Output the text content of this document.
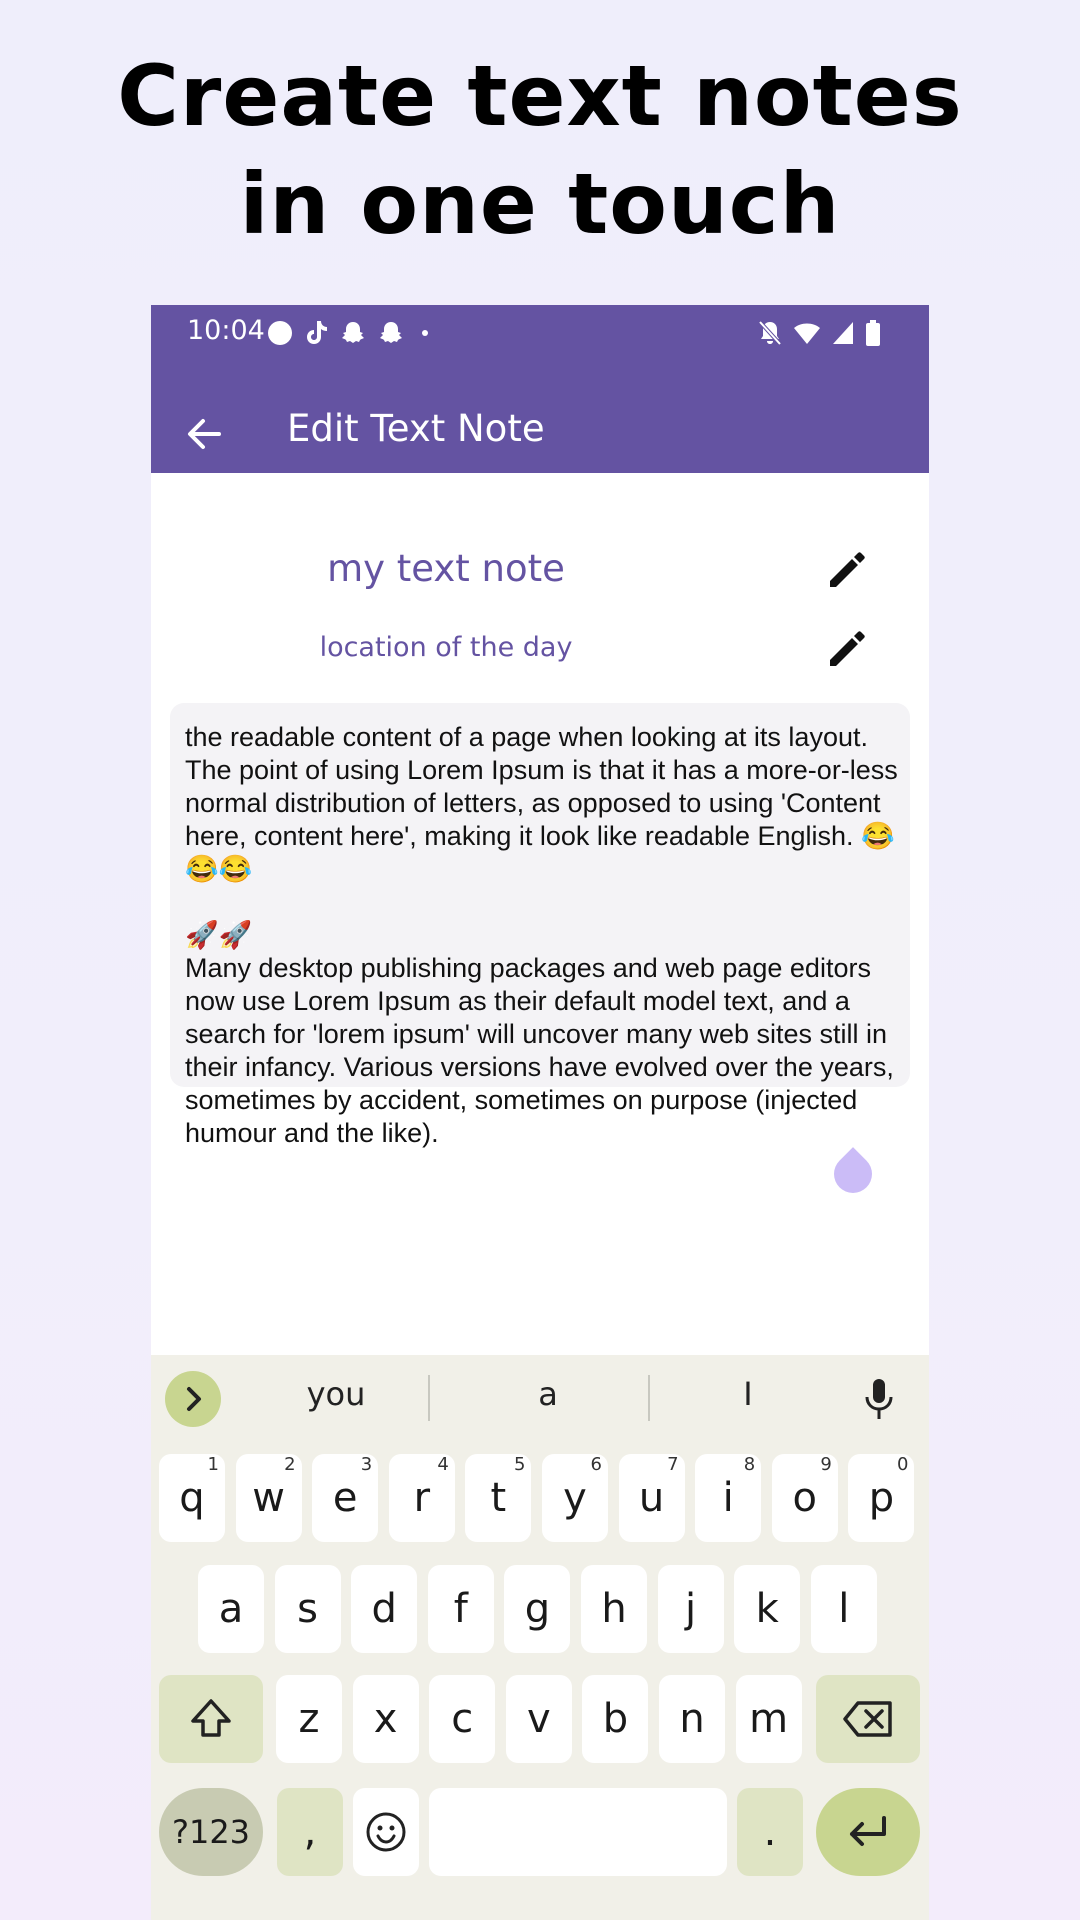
Create text notes
in one touch
10:04
Edit Text Note
my text note
location of the day
the readable content of a page when looking at its layout. The point of using Lorem Ipsum is that it has a more-or-less normal distribution of letters, as opposed to using 'Content here, content here', making it look like readable English. 😂😂😂

🚀🚀
Many desktop publishing packages and web page editors now use Lorem Ipsum as their default model text, and a search for 'lorem ipsum' will uncover many web sites still in their infancy. Various versions have evolved over the years, sometimes by accident, sometimes on purpose (injected humour and the like).
you	a	I
q
1
w
2
e
3
r
4
t
5
y
6
u
7
i
8
o
9
p
0
a	s	d	f	g	h	j	k	l
z	x	c	v	b	n	m
?123	,	.
